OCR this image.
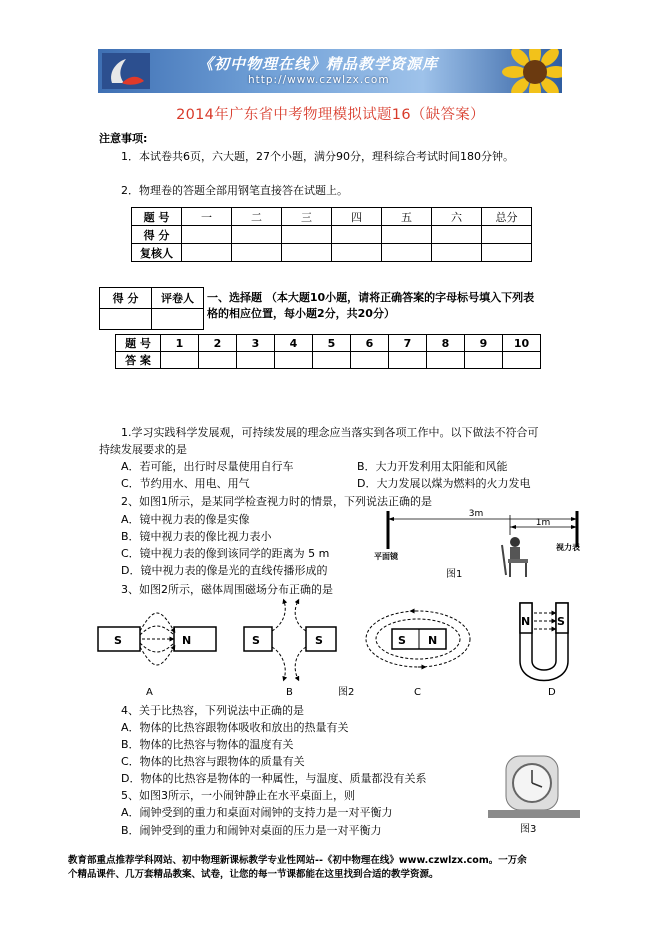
《初中物理在线》精品教学资源库
http://www.czwlzx.com
2014年广东省中考物理模拟试题16（缺答案）
注意事项:
1．本试卷共6页，六大题，27个小题，满分90分，理科综合考试时间180分钟。
2．物理卷的答题全部用钢笔直接答在试题上。
题 号	一	二	三	四	五	六	总分
得 分							
复核人							
得 分	评卷人
	一、选择题 （本大题10小题，请将正确答案的字母标号填入下列表
格的相应位置，每小题2分，共20分）
题 号	1	2	3	4	5	6	7	8	9	10
答 案										
1.学习实践科学发展观，可持续发展的理念应当落实到各项工作中。以下做法不符合可
持续发展要求的是
A．若可能，出行时尽量使用自行车	B．大力开发利用太阳能和风能
C．节约用水、用电、用气	D．大力发展以煤为燃料的火力发电
2、如图1所示，是某同学检查视力时的情景，下列说法正确的是
A．镜中视力表的像是实像
B．镜中视力表的像比视力表小
C．镜中视力表的像到该同学的距离为 5 m
D．镜中视力表的像是光的直线传播形成的
3m
1m
平面镜
视力表
图1
3、如图2所示，磁体周围磁场分布正确的是
S	N
A
S	S
B	图2
S N
C
N S
D
4、关于比热容，下列说法中正确的是
A．物体的比热容跟物体吸收和放出的热量有关
B．物体的比热容与物体的温度有关
C．物体的比热容与跟物体的质量有关
D．物体的比热容是物体的一种属性，与温度、质量都没有关系
5、如图3所示，一小闹钟静止在水平桌面上，则
A．闹钟受到的重力和桌面对闹钟的支持力是一对平衡力
B．闹钟受到的重力和闹钟对桌面的压力是一对平衡力	图3
教育部重点推荐学科网站、初中物理新课标教学专业性网站--《初中物理在线》www.czwlzx.com。一万余
个精品课件、几万套精品教案、试卷，让您的每一节课都能在这里找到合适的教学资源。
